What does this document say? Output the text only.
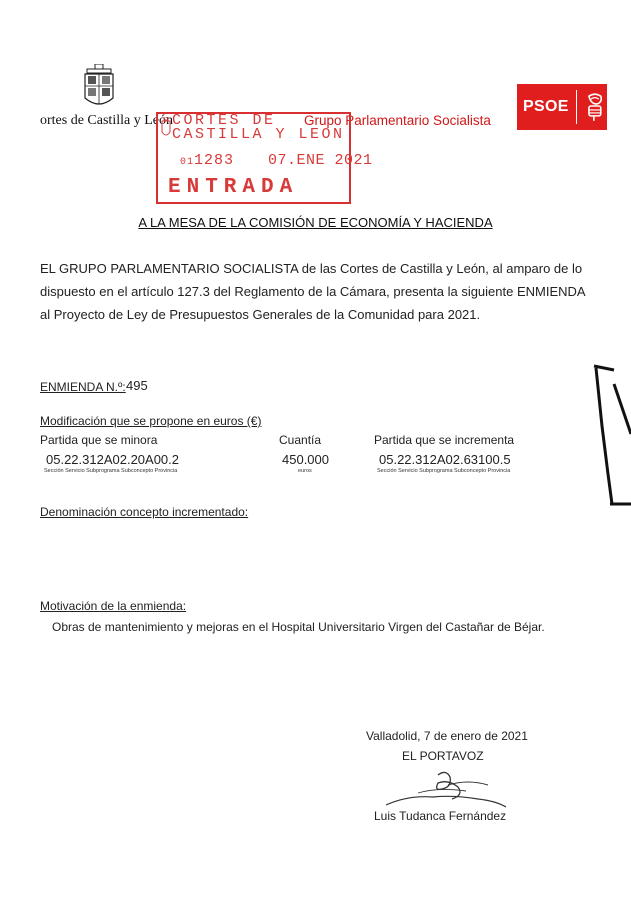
ortes de Castilla y León	Grupo Parlamentario Socialista
PSOE
CORTES DE
CASTILLA Y LEON
011283 07.ENE 2021
ENTRADA
A LA MESA DE LA COMISIÓN DE ECONOMÍA Y HACIENDA
EL GRUPO PARLAMENTARIO SOCIALISTA de las Cortes de Castilla y León, al amparo de lo
dispuesto en el artículo 127.3 del Reglamento de la Cámara, presenta la siguiente ENMIENDA
al Proyecto de Ley de Presupuestos Generales de la Comunidad para 2021.
ENMIENDA N.º: 495
Modificación que se propone en euros (€)
Partida que se minora	Cuantía	Partida que se incrementa
05.22.312A02.20A00.2	450.000	05.22.312A02.63100.5
Sección Servicio Subprograma Subconcepto Provincia	euros	Sección Servicio Subprograma Subconcepto Provincia
Denominación concepto incrementado:
Motivación de la enmienda:
Obras de mantenimiento y mejoras en el Hospital Universitario Virgen del Castañar de Béjar.
Valladolid, 7 de enero de 2021
EL PORTAVOZ
Luis Tudanca Fernández
